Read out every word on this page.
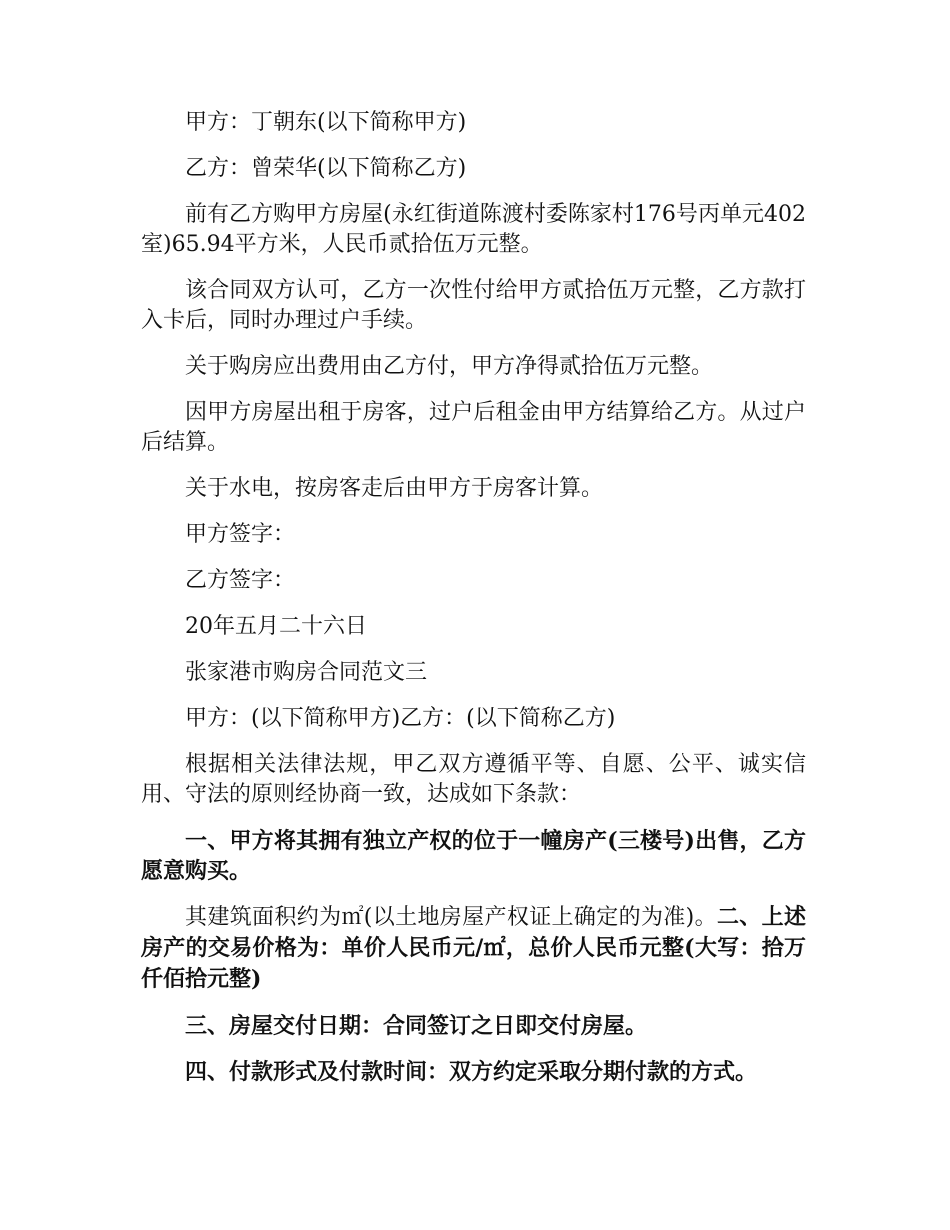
甲方：丁朝东(以下简称甲方)

乙方：曾荣华(以下简称乙方)

前有乙方购甲方房屋(永红街道陈渡村委陈家村176号丙单元402室)65.94平方米，人民币贰拾伍万元整。

该合同双方认可，乙方一次性付给甲方贰拾伍万元整，乙方款打入卡后，同时办理过户手续。

关于购房应出费用由乙方付，甲方净得贰拾伍万元整。

因甲方房屋出租于房客，过户后租金由甲方结算给乙方。从过户后结算。

关于水电，按房客走后由甲方于房客计算。

甲方签字：

乙方签字：

20年五月二十六日

张家港市购房合同范文三

甲方：(以下简称甲方)乙方：(以下简称乙方)

根据相关法律法规，甲乙双方遵循平等、自愿、公平、诚实信用、守法的原则经协商一致，达成如下条款：

一、甲方将其拥有独立产权的位于一幢房产(三楼号)出售，乙方愿意购买。

其建筑面积约为㎡(以土地房屋产权证上确定的为准)。二、上述房产的交易价格为：单价人民币元/㎡，总价人民币元整(大写：拾万仟佰拾元整)

三、房屋交付日期：合同签订之日即交付房屋。

四、付款形式及付款时间：双方约定采取分期付款的方式。
